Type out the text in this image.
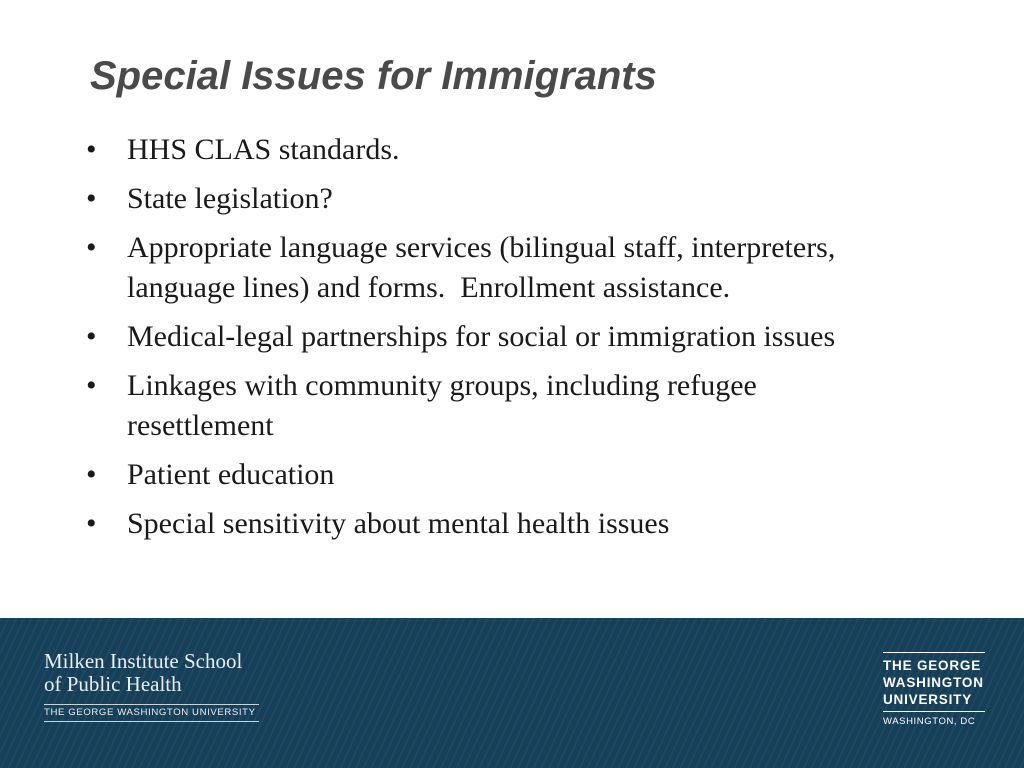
Special Issues for Immigrants
•	HHS CLAS standards.
•	State legislation?
•	Appropriate language services (bilingual staff, interpreters,
language lines) and forms.  Enrollment assistance.
•	Medical-legal partnerships for social or immigration issues
•	Linkages with community groups, including refugee
resettlement
•	Patient education
•	Special sensitivity about mental health issues
Milken Institute School
of Public Health
THE GEORGE WASHINGTON UNIVERSITY
THE GEORGE
WASHINGTON
UNIVERSITY
WASHINGTON, DC
